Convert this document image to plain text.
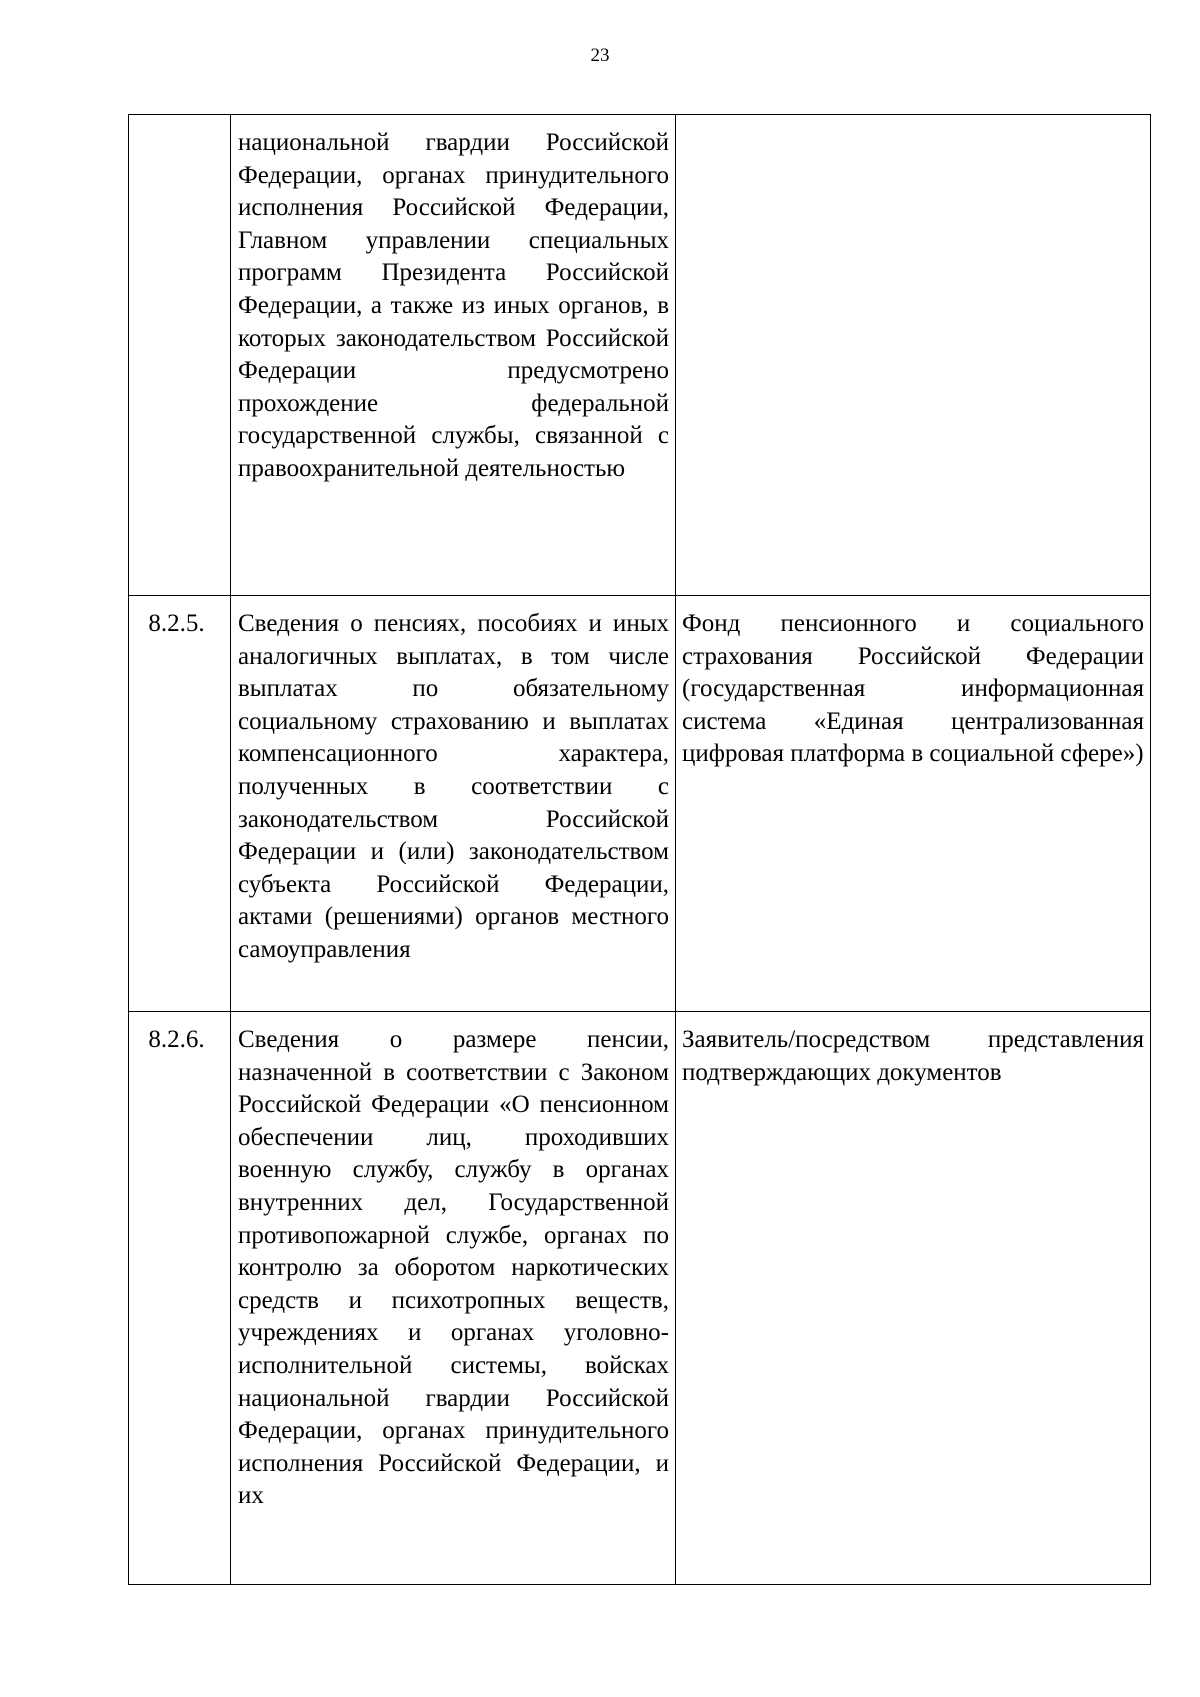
23
	национальной гвардии Российской Федерации, органах принудительного исполнения Российской Федерации, Главном управлении специальных программ Президента Российской Федерации, а также из иных органов, в которых законодательством Российской Федерации предусмотрено прохождение федеральной государственной службы, связанной с правоохранительной деятельностью	
8.2.5.	Сведения о пенсиях, пособиях и иных аналогичных выплатах, в том числе выплатах по обязательному социальному страхованию и выплатах компенсационного характера, полученных в соответствии с законодательством Российской Федерации и (или) законодательством субъекта Российской Федерации, актами (решениями) органов местного самоуправления	Фонд пенсионного и социального страхования Российской Федерации (государственная информационная система «Единая централизованная цифровая платформа в социальной сфере»)
8.2.6.	Сведения о размере пенсии, назначенной в соответствии с Законом Российской Федерации «О пенсионном обеспечении лиц, проходивших военную службу, службу в органах внутренних дел, Государственной противопожарной службе, органах по контролю за оборотом наркотических средств и психотропных веществ, учреждениях и органах уголовно-исполнительной системы, войсках национальной гвардии Российской Федерации, органах принудительного исполнения Российской Федерации, и их	Заявитель/посредством представления подтверждающих документов
